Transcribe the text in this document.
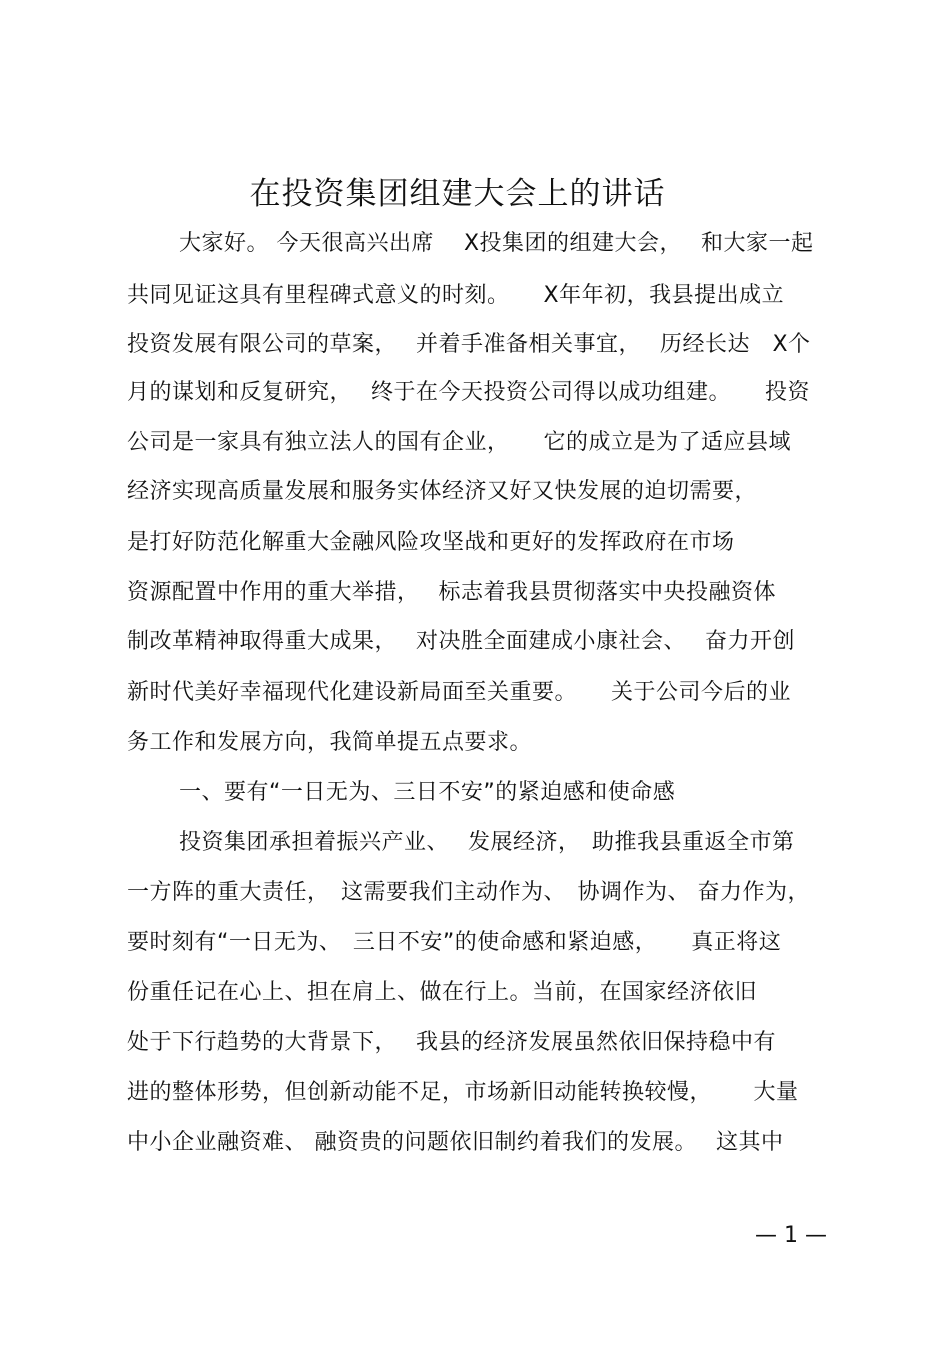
在投资集团组建大会上的讲话
大家好。 今天很高兴出席　 X投集团的组建大会，　 和大家一起
共同见证这具有里程碑式意义的时刻。　　X年年初，我县提出成立
投资发展有限公司的草案，　 并着手准备相关事宜，　 历经长达　X个
月的谋划和反复研究，　 终于在今天投资公司得以成功组建。　　投资
公司是一家具有独立法人的国有企业，　　它的成立是为了适应县域
经济实现高质量发展和服务实体经济又好又快发展的迫切需要，
是打好防范化解重大金融风险攻坚战和更好的发挥政府在市场
资源配置中作用的重大举措，　 标志着我县贯彻落实中央投融资体
制改革精神取得重大成果，　 对决胜全面建成小康社会、　 奋力开创
新时代美好幸福现代化建设新局面至关重要。　　关于公司今后的业
务工作和发展方向，我简单提五点要求。
一、要有“一日无为、三日不安”的紧迫感和使命感
投资集团承担着振兴产业、　 发展经济，　助推我县重返全市第
一方阵的重大责任，　这需要我们主动作为、　协调作为、 奋力作为，
要时刻有“一日无为、　三日不安”的使命感和紧迫感，　　真正将这
份重任记在心上、担在肩上、做在行上。当前，在国家经济依旧
处于下行趋势的大背景下，　 我县的经济发展虽然依旧保持稳中有
进的整体形势，但创新动能不足，市场新旧动能转换较慢，　　 大量
中小企业融资难、 融资贵的问题依旧制约着我们的发展。　 这其中
— 1 —
